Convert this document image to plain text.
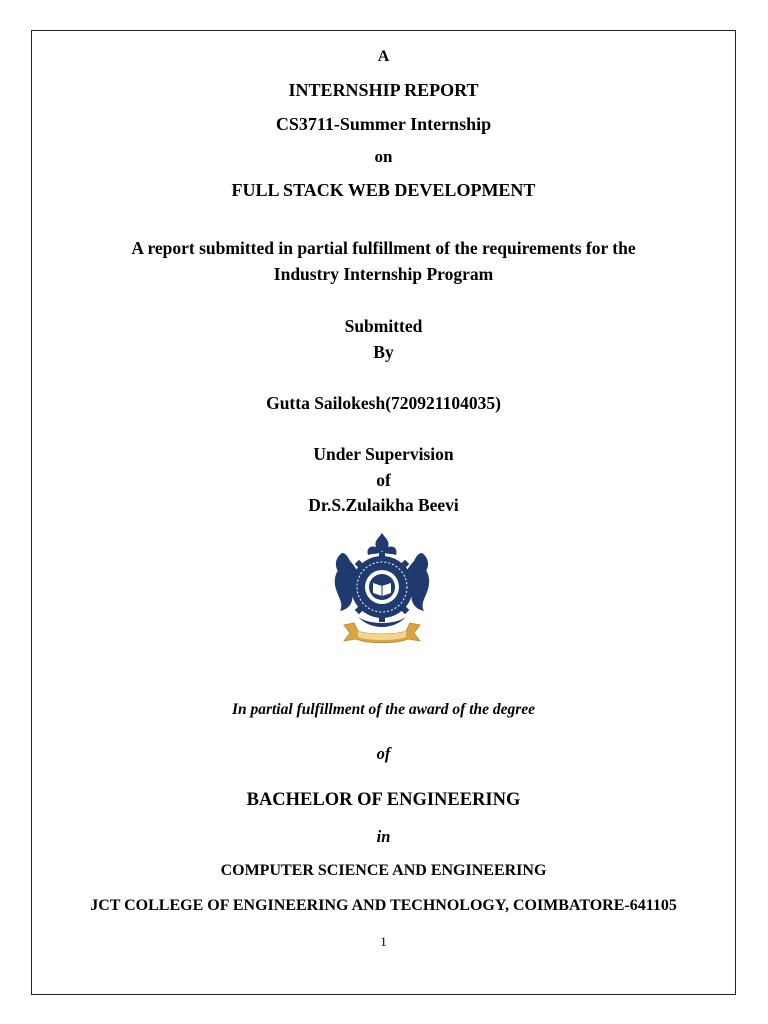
A
INTERNSHIP REPORT
CS3711-Summer Internship
on
FULL STACK WEB DEVELOPMENT
A report submitted in partial fulfillment of the requirements for the
Industry Internship Program
Submitted
By
Gutta Sailokesh(720921104035)
Under Supervision
of
Dr.S.Zulaikha Beevi
In partial fulfillment of the award of the degree
of
BACHELOR OF ENGINEERING
in
COMPUTER SCIENCE AND ENGINEERING
JCT COLLEGE OF ENGINEERING AND TECHNOLOGY, COIMBATORE-641105
1
